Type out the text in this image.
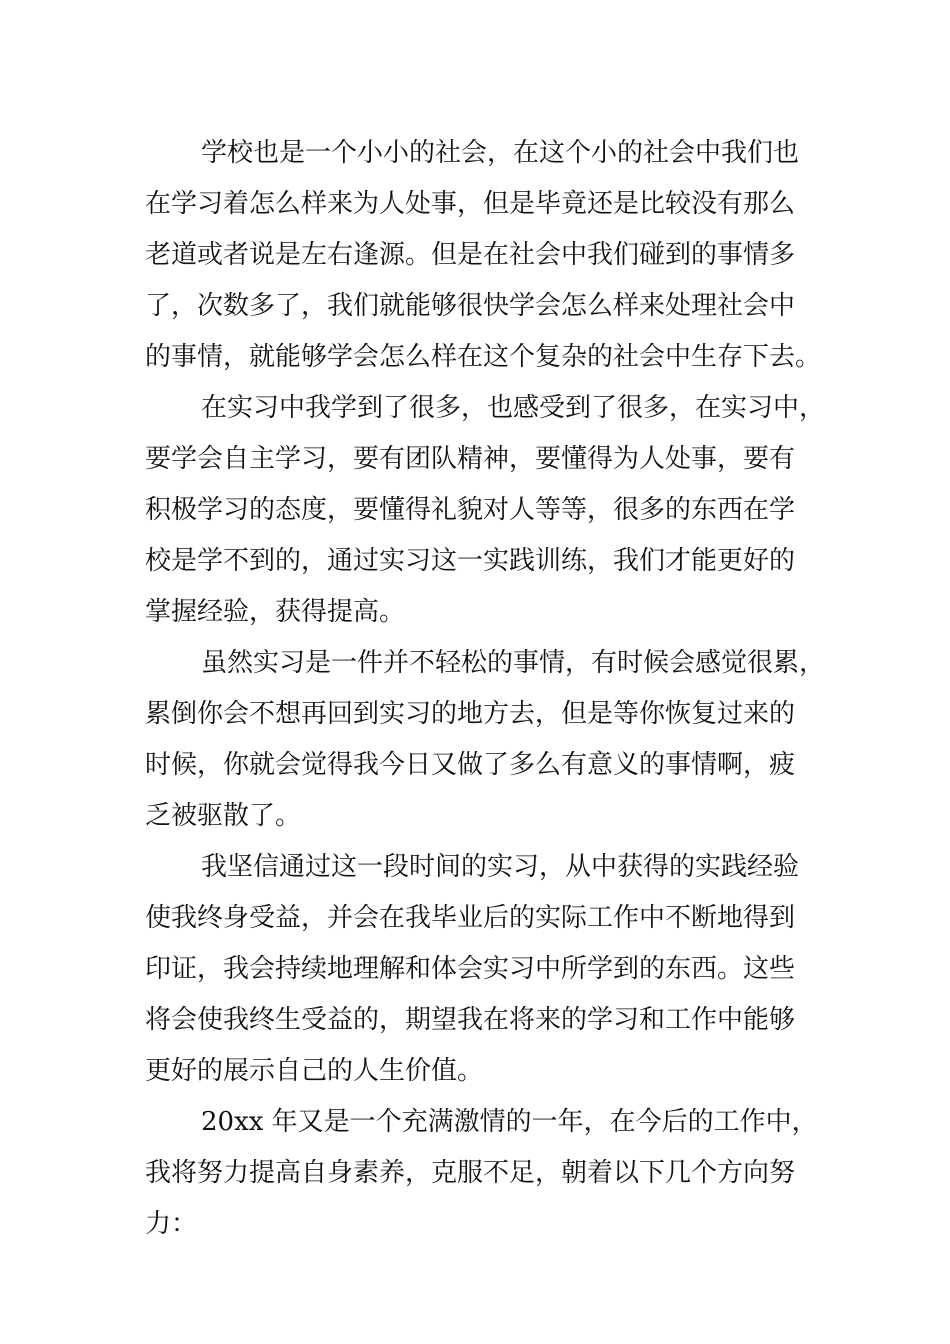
学校也是一个小小的社会，在这个小的社会中我们也
在学习着怎么样来为人处事，但是毕竟还是比较没有那么
老道或者说是左右逢源。但是在社会中我们碰到的事情多
了，次数多了，我们就能够很快学会怎么样来处理社会中
的事情，就能够学会怎么样在这个复杂的社会中生存下去。
在实习中我学到了很多，也感受到了很多，在实习中，
要学会自主学习，要有团队精神，要懂得为人处事，要有
积极学习的态度，要懂得礼貌对人等等，很多的东西在学
校是学不到的，通过实习这一实践训练，我们才能更好的
掌握经验，获得提高。
虽然实习是一件并不轻松的事情，有时候会感觉很累，
累倒你会不想再回到实习的地方去，但是等你恢复过来的
时候，你就会觉得我今日又做了多么有意义的事情啊，疲
乏被驱散了。
我坚信通过这一段时间的实习，从中获得的实践经验
使我终身受益，并会在我毕业后的实际工作中不断地得到
印证，我会持续地理解和体会实习中所学到的东西。这些
将会使我终生受益的，期望我在将来的学习和工作中能够
更好的展示自己的人生价值。
20xx 年又是一个充满激情的一年，在今后的工作中，
我将努力提高自身素养，克服不足，朝着以下几个方向努
力：
